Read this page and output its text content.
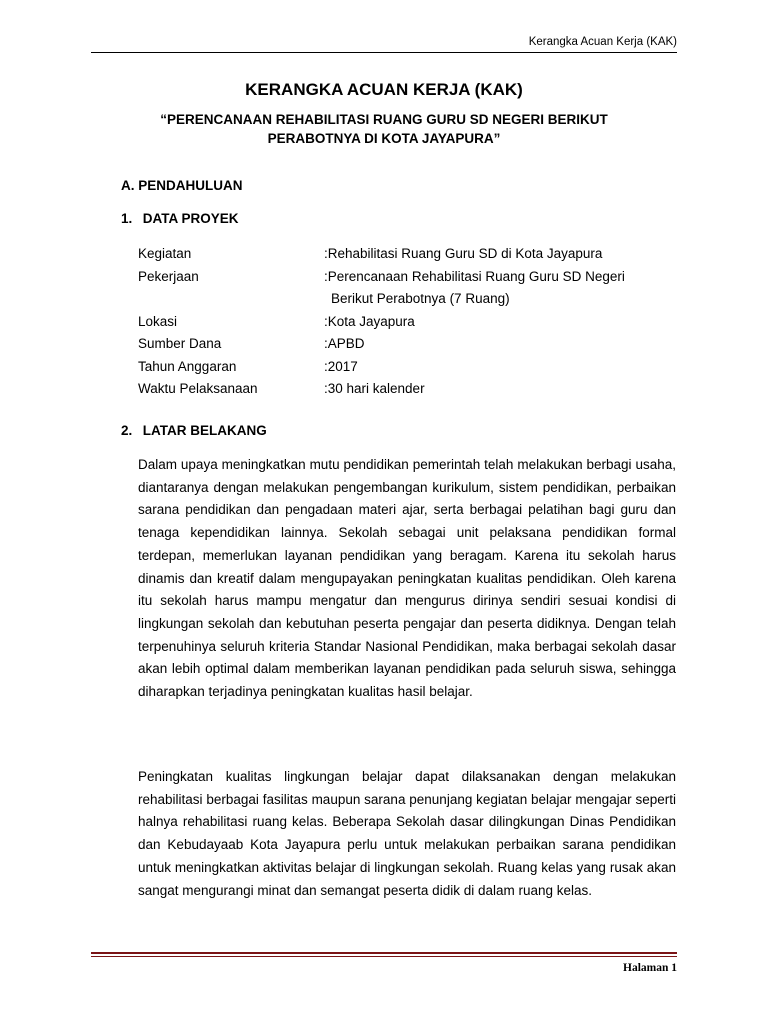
Kerangka Acuan Kerja (KAK)
KERANGKA ACUAN KERJA (KAK)
“PERENCANAAN REHABILITASI RUANG GURU SD NEGERI BERIKUT
PERABOTNYA DI KOTA JAYAPURA”
A. PENDAHULUAN
1. DATA PROYEK
Kegiatan	:Rehabilitasi Ruang Guru SD di Kota Jayapura
Pekerjaan	:Perencanaan Rehabilitasi Ruang Guru SD Negeri
Berikut Perabotnya (7 Ruang)

Lokasi	:Kota Jayapura
Sumber Dana	:APBD
Tahun Anggaran	:2017
Waktu Pelaksanaan	:30 hari kalender
2. LATAR BELAKANG

Dalam upaya meningkatkan mutu pendidikan pemerintah telah melakukan berbagi usaha, diantaranya dengan melakukan pengembangan kurikulum, sistem pendidikan, perbaikan sarana pendidikan dan pengadaan materi ajar, serta berbagai pelatihan bagi guru dan tenaga kependidikan lainnya. Sekolah sebagai unit pelaksana pendidikan formal terdepan, memerlukan layanan pendidikan yang beragam. Karena itu sekolah harus dinamis dan kreatif dalam mengupayakan peningkatan kualitas pendidikan. Oleh karena itu sekolah harus mampu mengatur dan mengurus dirinya sendiri sesuai kondisi di lingkungan sekolah dan kebutuhan peserta pengajar dan peserta didiknya. Dengan telah terpenuhinya seluruh kriteria Standar Nasional Pendidikan, maka berbagai sekolah dasar akan lebih optimal dalam memberikan layanan pendidikan pada seluruh siswa, sehingga diharapkan terjadinya peningkatan kualitas hasil belajar.

Peningkatan kualitas lingkungan belajar dapat dilaksanakan dengan melakukan rehabilitasi berbagai fasilitas maupun sarana penunjang kegiatan belajar mengajar seperti halnya rehabilitasi ruang kelas. Beberapa Sekolah dasar dilingkungan Dinas Pendidikan dan Kebudayaab Kota Jayapura perlu untuk melakukan perbaikan sarana pendidikan untuk meningkatkan aktivitas belajar di lingkungan sekolah. Ruang kelas yang rusak akan sangat mengurangi minat dan semangat peserta didik di dalam ruang kelas.

Halaman 1
